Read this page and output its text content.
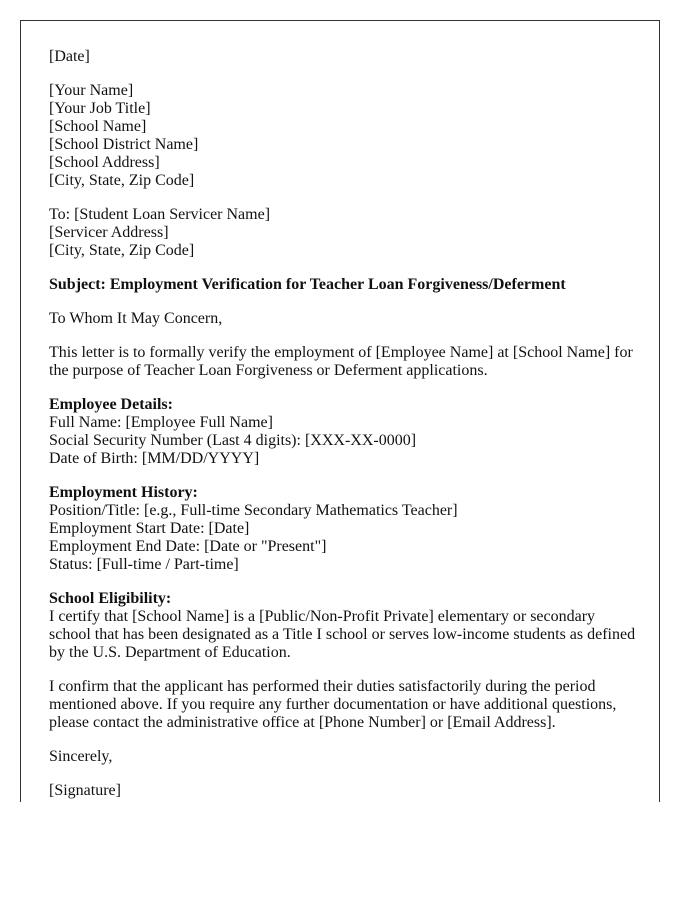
[Date]
[Your Name]
[Your Job Title]
[School Name]
[School District Name]
[School Address]
[City, State, Zip Code]
To: [Student Loan Servicer Name]
[Servicer Address]
[City, State, Zip Code]
Subject: Employment Verification for Teacher Loan Forgiveness/Deferment
To Whom It May Concern,
This letter is to formally verify the employment of [Employee Name] at [School Name] for the purpose of Teacher Loan Forgiveness or Deferment applications.
Employee Details:
Full Name: [Employee Full Name]
Social Security Number (Last 4 digits): [XXX-XX-0000]
Date of Birth: [MM/DD/YYYY]
Employment History:
Position/Title: [e.g., Full-time Secondary Mathematics Teacher]
Employment Start Date: [Date]
Employment End Date: [Date or "Present"]
Status: [Full-time / Part-time]
School Eligibility:
I certify that [School Name] is a [Public/Non-Profit Private] elementary or secondary school that has been designated as a Title I school or serves low-income students as defined by the U.S. Department of Education.
I confirm that the applicant has performed their duties satisfactorily during the period mentioned above. If you require any further documentation or have additional questions, please contact the administrative office at [Phone Number] or [Email Address].
Sincerely,
[Signature]
